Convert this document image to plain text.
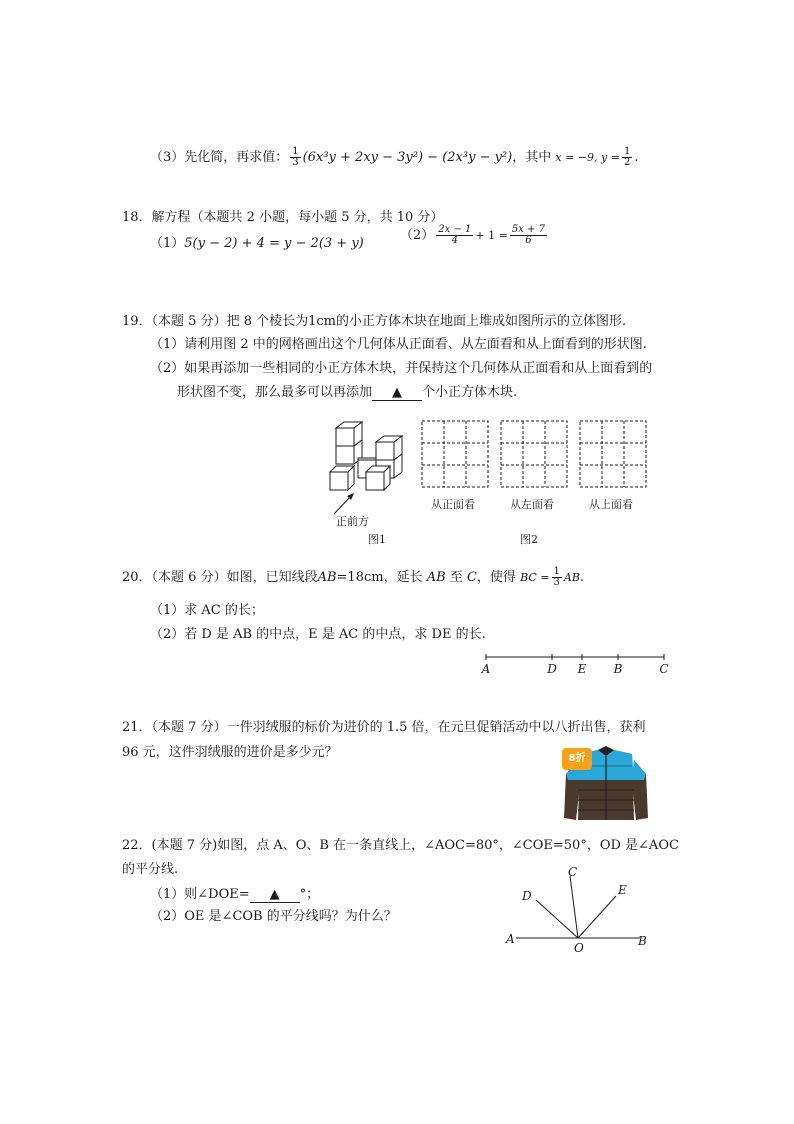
（3）先化简，再求值： $\frac{1}{3} (6x^3y + 2xy - 3y^2) - (2x^3y - y^2)$，其中 x = −9, $y = \frac{1}{2}$ .
18．解方程（本题共 2 小题，每小题 5 分，共 10 分）
（1）5(y − 2) + 4 = y − 2(3 + y)
$(2) \frac{2x - 1}{4} + 1 = \frac{5x + 7}{6}$
19．（本题 5 分）把 8 个棱长为1cm的小正方体木块在地面上堆成如图所示的立体图形.
（1）请利用图 2 中的网格画出这个几何体从正面看、从左面看和从上面看到的形状图.
（2）如果再添加一些相同的小正方体木块，并保持这个几何体从正面看和从上面看到的
形状图不变，那么最多可以再添加 ▲ 个小正方体木块.
正前方
图1
从正面看	从左面看	从上面看
图2
20．（本题 6 分）如图，已知线段AB=18cm，延长 AB 至 C，使得 BC = $\frac{1}{3}$ AB.
（1）求 AC 的长；
（2）若 D 是 AB 的中点，E 是 AC 的中点，求 DE 的长.
A	D E B	C
21．（本题 7 分）一件羽绒服的标价为进价的 1.5 倍，在元旦促销活动中以八折出售，获利
96 元，这件羽绒服的进价是多少元？	8折
22．(本题 7 分)如图，点 A、O、B 在一条直线上，∠AOC=80°，∠COE=50°，OD 是∠AOC
的平分线.
（1）则∠DOE= ▲ °；
（2）OE 是∠COB 的平分线吗？为什么？
A
O	B
C
D	E
